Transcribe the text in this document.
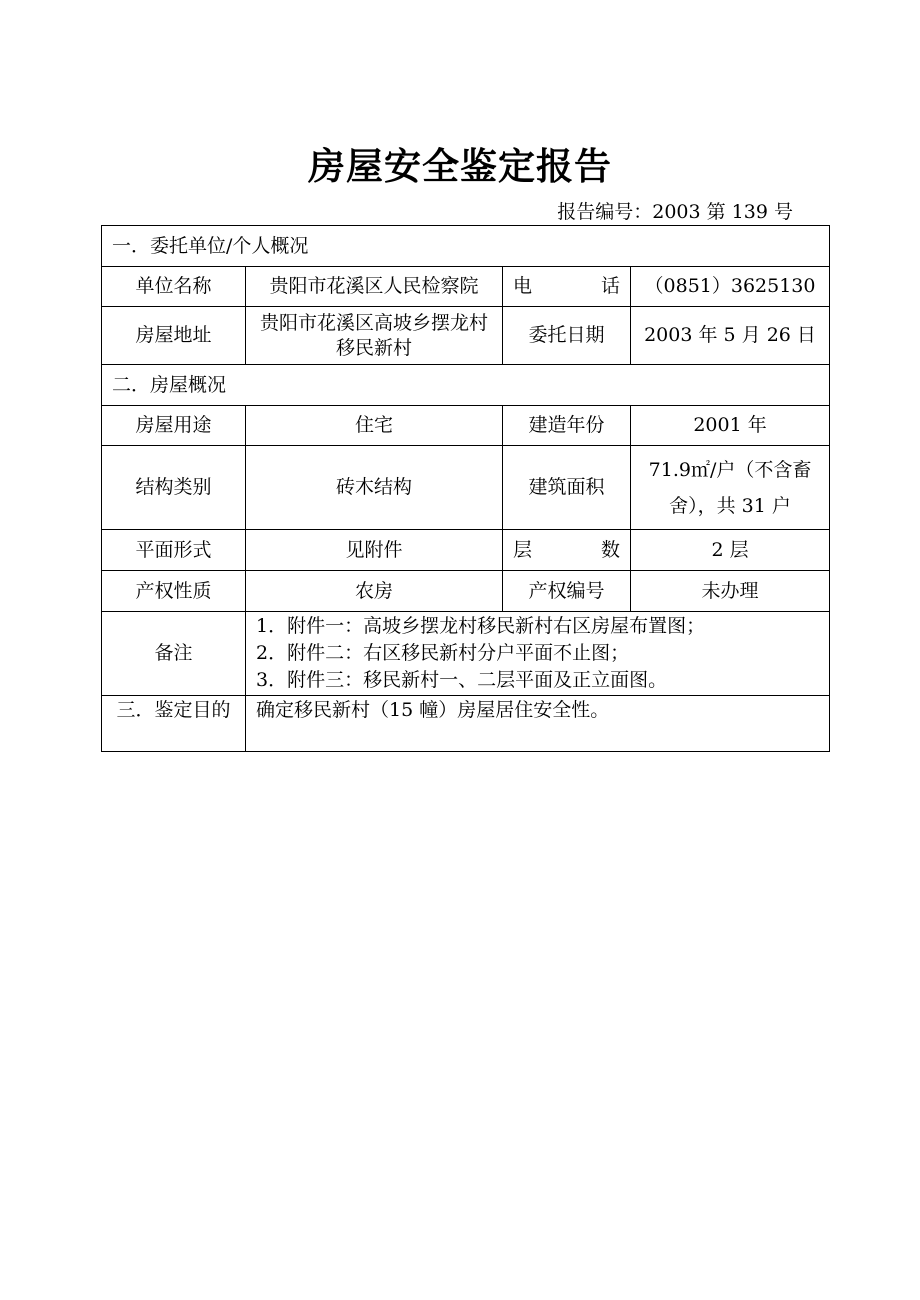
房屋安全鉴定报告
报告编号：2003 第 139 号
一．委托单位/个人概况			
单位名称	贵阳市花溪区人民检察院	电 话	（0851）3625130
房屋地址	贵阳市花溪区高坡乡摆龙村移民新村	委托日期	2003 年 5 月 26 日
二．房屋概况			
房屋用途	住宅	建造年份	2001 年
结构类别	砖木结构	建筑面积	71.9㎡/户（不含畜舍），共 31 户
平面形式	见附件	层 数	2 层
产权性质	农房	产权编号	未办理
备注	1．附件一：高坡乡摆龙村移民新村右区房屋布置图；
2．附件二：右区移民新村分户平面不止图；
3．附件三：移民新村一、二层平面及正立面图。		

三．鉴定目的	确定移民新村（15 幢）房屋居住安全性。		
